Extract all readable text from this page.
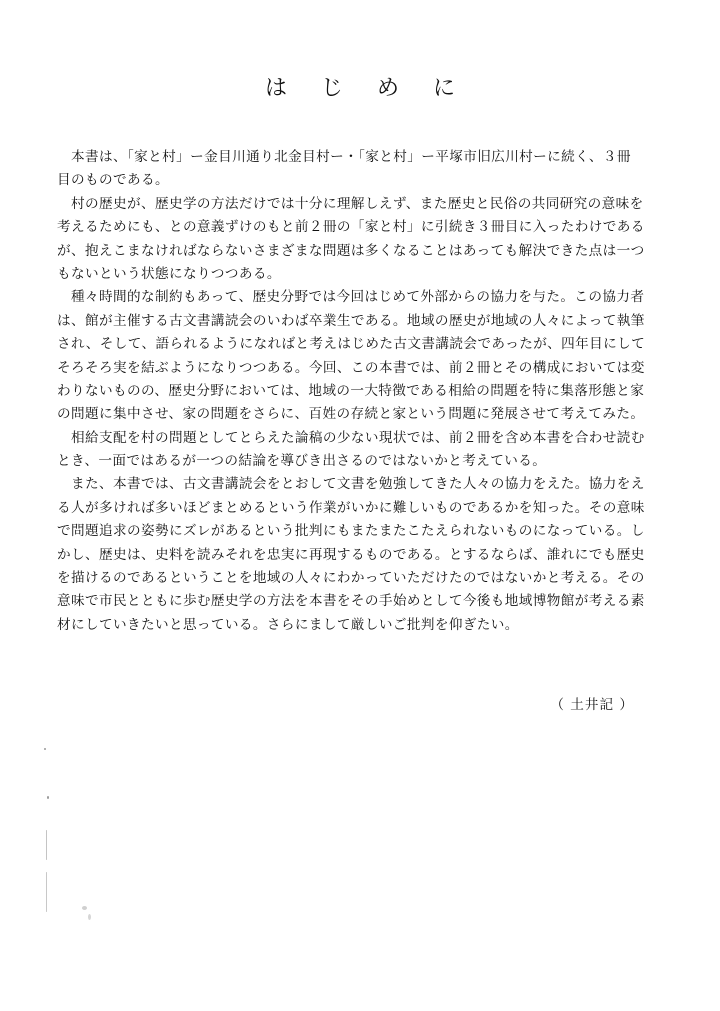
はじめに
　本書は、「家と村」ー金目川通り北金目村ー・「家と村」ー平塚市旧広川村ーに続く、３冊
目のものである。
　村の歴史が、歴史学の方法だけでは十分に理解しえず、また歴史と民俗の共同研究の意味を
考えるためにも、との意義ずけのもと前２冊の「家と村」に引続き３冊目に入ったわけである
が、抱えこまなければならないさまざまな問題は多くなることはあっても解決できた点は一つ
もないという状態になりつつある。
　種々時間的な制約もあって、歴史分野では今回はじめて外部からの協力を与た。この協力者
は、館が主催する古文書講読会のいわば卒業生である。地域の歴史が地域の人々によって執筆
され、そして、語られるようになればと考えはじめた古文書講読会であったが、四年目にして
そろそろ実を結ぶようになりつつある。今回、この本書では、前２冊とその構成においては変
わりないものの、歴史分野においては、地域の一大特徴である相給の問題を特に集落形態と家
の問題に集中させ、家の問題をさらに、百姓の存続と家という問題に発展させて考えてみた。
　相給支配を村の問題としてとらえた論稿の少ない現状では、前２冊を含め本書を合わせ読む
とき、一面ではあるが一つの結論を導びき出さるのではないかと考えている。
　また、本書では、古文書講読会をとおして文書を勉強してきた人々の協力をえた。協力をえ
る人が多ければ多いほどまとめるという作業がいかに難しいものであるかを知った。その意味
で問題追求の姿勢にズレがあるという批判にもまたまたこたえられないものになっている。し
かし、歴史は、史料を読みそれを忠実に再現するものである。とするならば、誰れにでも歴史
を描けるのであるということを地域の人々にわかっていただけたのではないかと考える。その
意味で市民とともに歩む歴史学の方法を本書をその手始めとして今後も地域博物館が考える素
材にしていきたいと思っている。さらにまして厳しいご批判を仰ぎたい。
（ 土井記 ）
